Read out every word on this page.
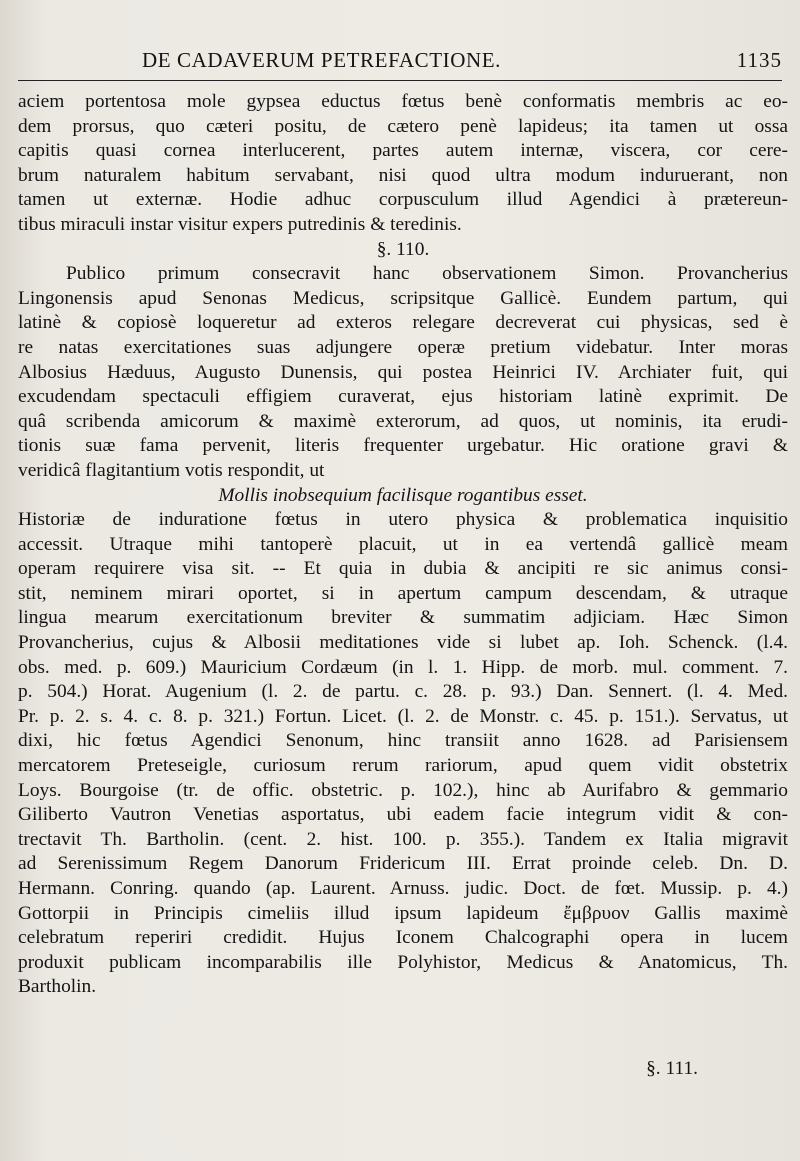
DE CADAVERUM PETREFACTIONE.	1135
aciem portentosa mole gypsea eductus fœtus benè conformatis membris ac eo-
dem prorsus, quo cæteri positu, de cætero penè lapideus; ita tamen ut ossa
capitis quasi cornea interlucerent, partes autem internæ, viscera, cor cere-
brum naturalem habitum servabant, nisi quod ultra modum induruerant, non
tamen ut externæ. Hodie adhuc corpusculum illud Agendici à prætereun-
tibus miraculi instar visitur expers putredinis & teredinis.
§. 110.
Publico primum consecravit hanc observationem Simon. Provancherius
Lingonensis apud Senonas Medicus, scripsitque Gallicè. Eundem partum, qui
latinè & copiosè loqueretur ad exteros relegare decreverat cui physicas, sed è
re natas exercitationes suas adjungere operæ pretium videbatur. Inter moras
Albosius Hæduus, Augusto Dunensis, qui postea Heinrici IV. Archiater fuit, qui
excudendam spectaculi effigiem curaverat, ejus historiam latinè exprimit. De
quâ scribenda amicorum & maximè exterorum, ad quos, ut nominis, ita erudi-
tionis suæ fama pervenit, literis frequenter urgebatur. Hic oratione gravi &
veridicâ flagitantium votis respondit, ut
Mollis inobsequium facilisque rogantibus esset.
Historiæ de induratione fœtus in utero physica & problematica inquisitio
accessit. Utraque mihi tantoperè placuit, ut in ea vertendâ gallicè meam
operam requirere visa sit. -- Et quia in dubia & ancipiti re sic animus consi-
stit, neminem mirari oportet, si in apertum campum descendam, & utraque
lingua mearum exercitationum breviter & summatim adjiciam. Hæc Simon
Provancherius, cujus & Albosii meditationes vide si lubet ap. Ioh. Schenck. (l.4.
obs. med. p. 609.) Mauricium Cordæum (in l. 1. Hipp. de morb. mul. comment. 7.
p. 504.) Horat. Augenium (l. 2. de partu. c. 28. p. 93.) Dan. Sennert. (l. 4. Med.
Pr. p. 2. s. 4. c. 8. p. 321.) Fortun. Licet. (l. 2. de Monstr. c. 45. p. 151.). Servatus, ut
dixi, hic fœtus Agendici Senonum, hinc transiit anno 1628. ad Parisiensem
mercatorem Preteseigle, curiosum rerum rariorum, apud quem vidit obstetrix
Loys. Bourgoise (tr. de offic. obstetric. p. 102.), hinc ab Aurifabro & gemmario
Giliberto Vautron Venetias asportatus, ubi eadem facie integrum vidit & con-
trectavit Th. Bartholin. (cent. 2. hist. 100. p. 355.). Tandem ex Italia migravit
ad Serenissimum Regem Danorum Fridericum III. Errat proinde celeb. Dn. D.
Hermann. Conring. quando (ap. Laurent. Arnuss. judic. Doct. de fœt. Mussip. p. 4.)
Gottorpii in Principis cimeliis illud ipsum lapideum ἔμβρυον Gallis maximè
celebratum reperiri credidit. Hujus Iconem Chalcographi opera in lucem
produxit publicam incomparabilis ille Polyhistor, Medicus & Anatomicus, Th.
Bartholin.
§. 111.
